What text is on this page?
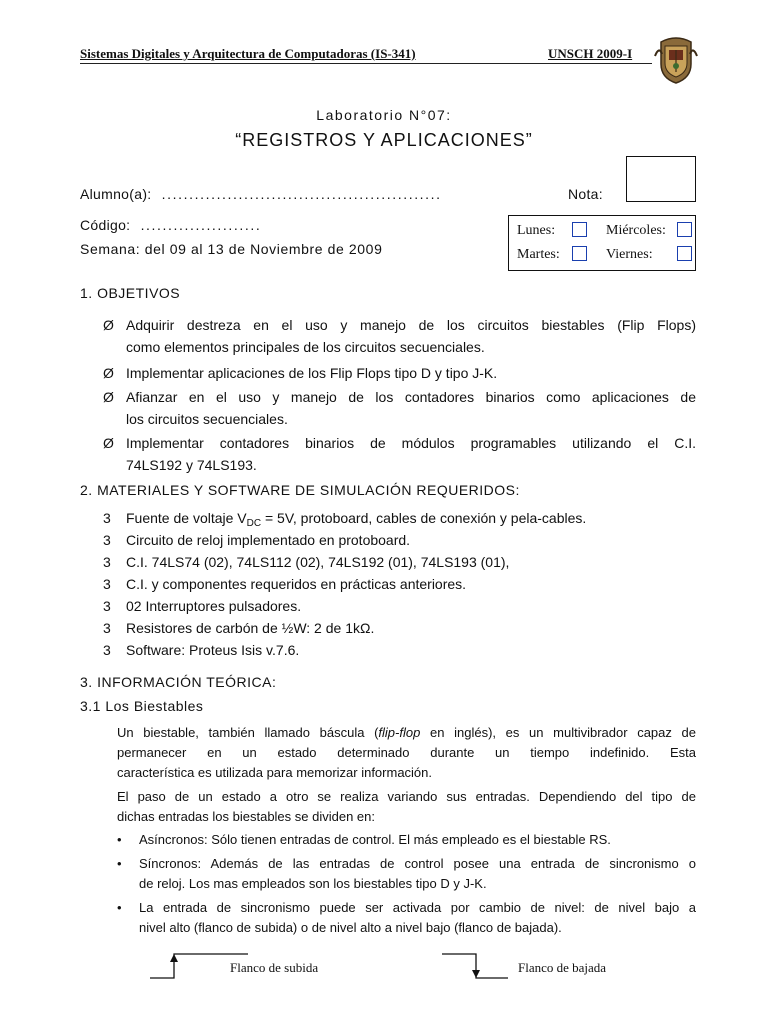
Sistemas Digitales y Arquitectura de Computadoras (IS-341)	UNSCH 2009-I
Laboratorio N°07:
“REGISTROS Y APLICACIONES”
Alumno(a): ...................................................	Nota:
Código: ......................
Semana: del 09 al 13 de Noviembre de 2009
Lunes:	Miércoles:
Martes:	Viernes:
1. OBJETIVOS
Ø Adquirir destreza en el uso y manejo de los circuitos biestables (Flip Flops)
como elementos principales de los circuitos secuenciales.
Ø Implementar aplicaciones de los Flip Flops tipo D y tipo J-K.
Ø Afianzar en el uso y manejo de los contadores binarios como aplicaciones de
los circuitos secuenciales.
Ø Implementar contadores binarios de módulos programables utilizando el C.I.
74LS192 y 74LS193.
2. MATERIALES Y SOFTWARE DE SIMULACIÓN REQUERIDOS:
3 Fuente de voltaje $V_{DC} = 5V$, protoboard, cables de conexión y pela-cables.
3 Circuito de reloj implementado en protoboard.
3 C.I. 74LS74 (02), 74LS112 (02), 74LS192 (01), 74LS193 (01),
3 C.I. y componentes requeridos en prácticas anteriores.
3 02 Interruptores pulsadores.
3 Resistores de carbón de ½W: 2 de 1kΩ.
3 Software: Proteus Isis v.7.6.
3. INFORMACIÓN TEÓRICA:
3.1 Los Biestables
Un biestable, también llamado báscula (flip-flop en inglés), es un multivibrador capaz de
permanecer en un estado determinado durante un tiempo indefinido. Esta
característica es utilizada para memorizar información.
El paso de un estado a otro se realiza variando sus entradas. Dependiendo del tipo de
dichas entradas los biestables se dividen en:
• Asíncronos: Sólo tienen entradas de control. El más empleado es el biestable RS.
• Síncronos: Además de las entradas de control posee una entrada de sincronismo o
de reloj. Los mas empleados son los biestables tipo D y J-K.
• La entrada de sincronismo puede ser activada por cambio de nivel: de nivel bajo a
nivel alto (flanco de subida) o de nivel alto a nivel bajo (flanco de bajada).
Flanco de subida	Flanco de bajada
